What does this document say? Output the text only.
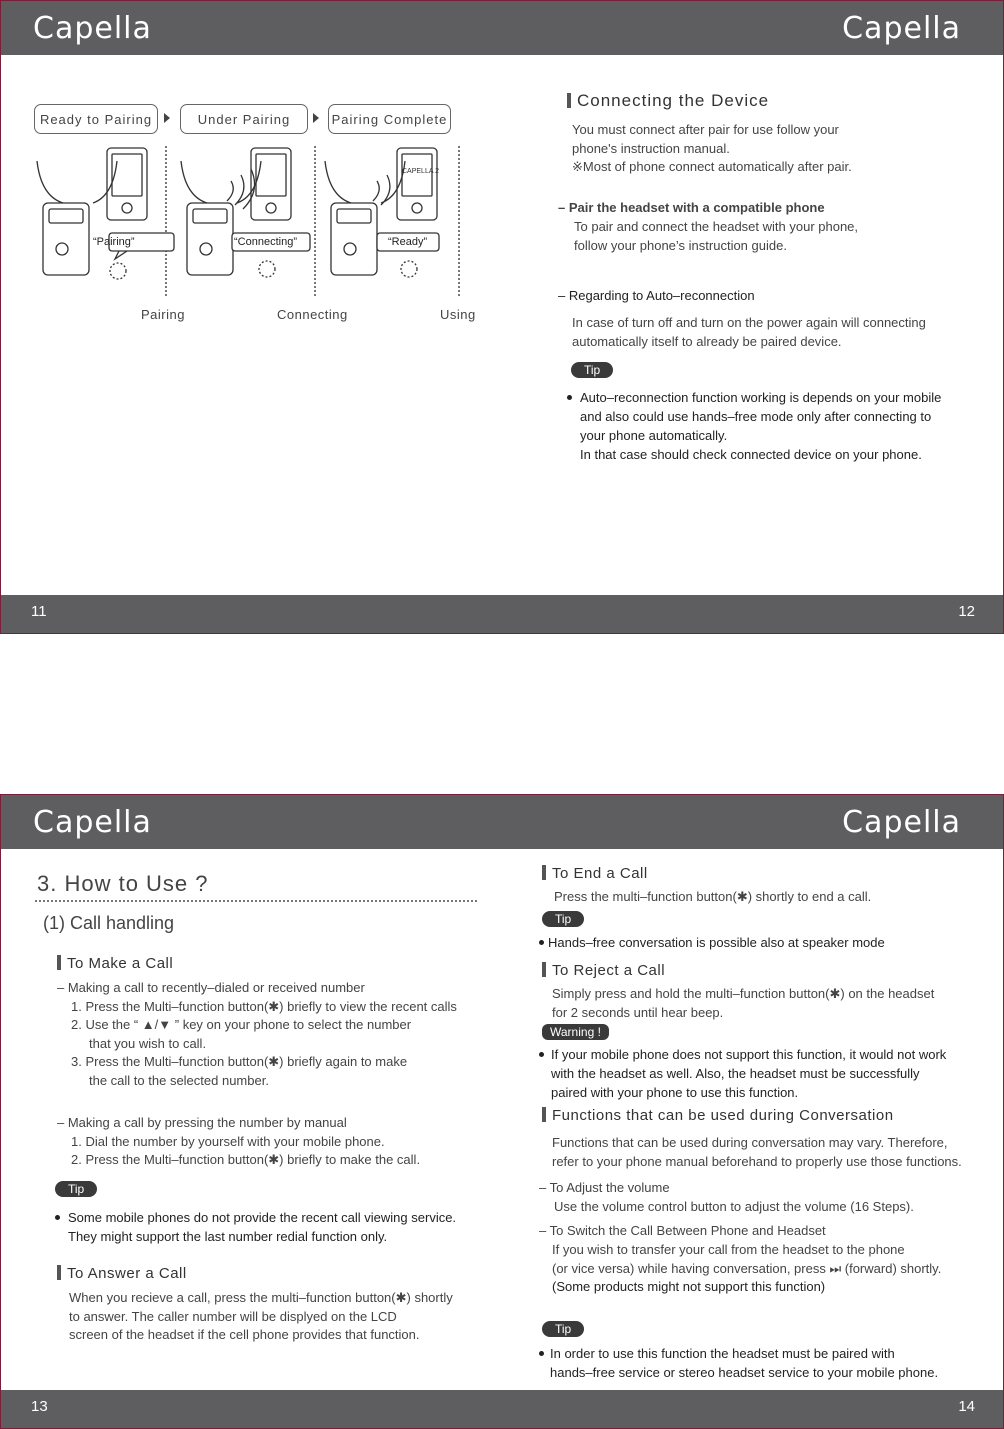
Capella	Capella
Ready to Pairing	Under Pairing	Pairing Complete
“Pairing”	“Connecting”	“Ready”
CAPELLA 2
Pairing	Connecting	Using
Connecting the Device
You must connect after pair for use follow your
phone's instruction manual.
※Most of phone connect automatically after pair.
– Pair the headset with a compatible phone
To pair and connect the headset with your phone,
follow your phone’s instruction guide.
– Regarding to Auto–reconnection
In case of turn off and turn on the power again will connecting
automatically itself to already be paired device.
Tip
Auto–reconnection function working is depends on your mobile
and also could use hands–free mode only after connecting to
your phone automatically.
In that case should check connected device on your phone.
11	12
Capella	Capella
3. How to Use ?
(1) Call handling
To Make a Call
– Making a call to recently–dialed or received number
1. Press the Multi–function button(✱) briefly to view the recent calls
2. Use the “ ▲/▼ ” key on your phone to select the number
that you wish to call.
3. Press the Multi–function button(✱) briefly again to make
the call to the selected number.
– Making a call by pressing the number by manual
1. Dial the number by yourself with your mobile phone.
2. Press the Multi–function button(✱) briefly to make the call.
Tip
Some mobile phones do not provide the recent call viewing service.
They might support the last number redial function only.
To Answer a Call
When you recieve a call, press the multi–function button(✱) shortly
to answer. The caller number will be displyed on the LCD
screen of the headset if the cell phone provides that function.
To End a Call
Press the multi–function button(✱) shortly to end a call.
Tip
Hands–free conversation is possible also at speaker mode
To Reject a Call
Simply press and hold the multi–function button(✱) on the headset
for 2 seconds until hear beep.
Warning !
If your mobile phone does not support this function, it would not work
with the headset as well. Also, the headset must be successfully
paired with your phone to use this function.
Functions that can be used during Conversation
Functions that can be used during conversation may vary. Therefore,
refer to your phone manual beforehand to properly use those functions.
– To Adjust the volume
Use the volume control button to adjust the volume (16 Steps).
– To Switch the Call Between Phone and Headset
If you wish to transfer your call from the headset to the phone
(or vice versa) while having conversation, press ⏭ (forward) shortly.
(Some products might not support this function)
Tip
In order to use this function the headset must be paired with
hands–free service or stereo headset service to your mobile phone.
13	14
